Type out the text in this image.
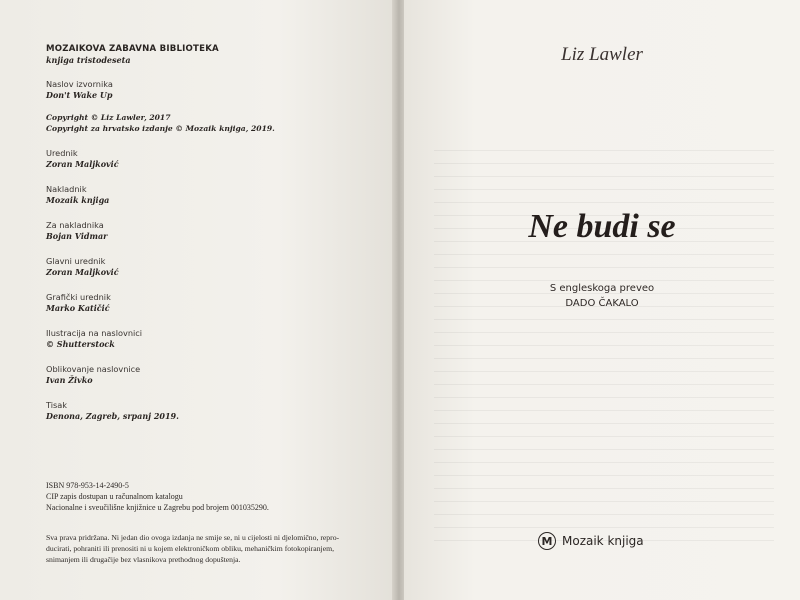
MOZAIKOVA ZABAVNA BIBLIOTEKA
knjiga tristodeseta
Naslov izvornika
Don't Wake Up
Copyright © Liz Lawler, 2017
Copyright za hrvatsko izdanje © Mozaik knjiga, 2019.
Urednik
Zoran Maljković
Nakladnik
Mozaik knjiga
Za nakladnika
Bojan Vidmar
Glavni urednik
Zoran Maljković
Grafički urednik
Marko Katičić
Ilustracija na naslovnici
© Shutterstock
Oblikovanje naslovnice
Ivan Živko
Tisak
Denona, Zagreb, srpanj 2019.
ISBN 978-953-14-2490-5
CIP zapis dostupan u računalnom katalogu
Nacionalne i sveučilišne knjižnice u Zagrebu pod brojem 001035290.
Sva prava pridržana. Ni jedan dio ovoga izdanja ne smije se, ni u cijelosti ni djelomično, repro-
ducirati, pohraniti ili prenositi ni u kojem elektroničkom obliku, mehaničkim fotokopiranjem,
snimanjem ili drugačije bez vlasnikova prethodnog dopuštenja.
Liz Lawler
Ne budi se
S engleskoga preveo
DADO ČAKALO
M Mozaik knjiga
